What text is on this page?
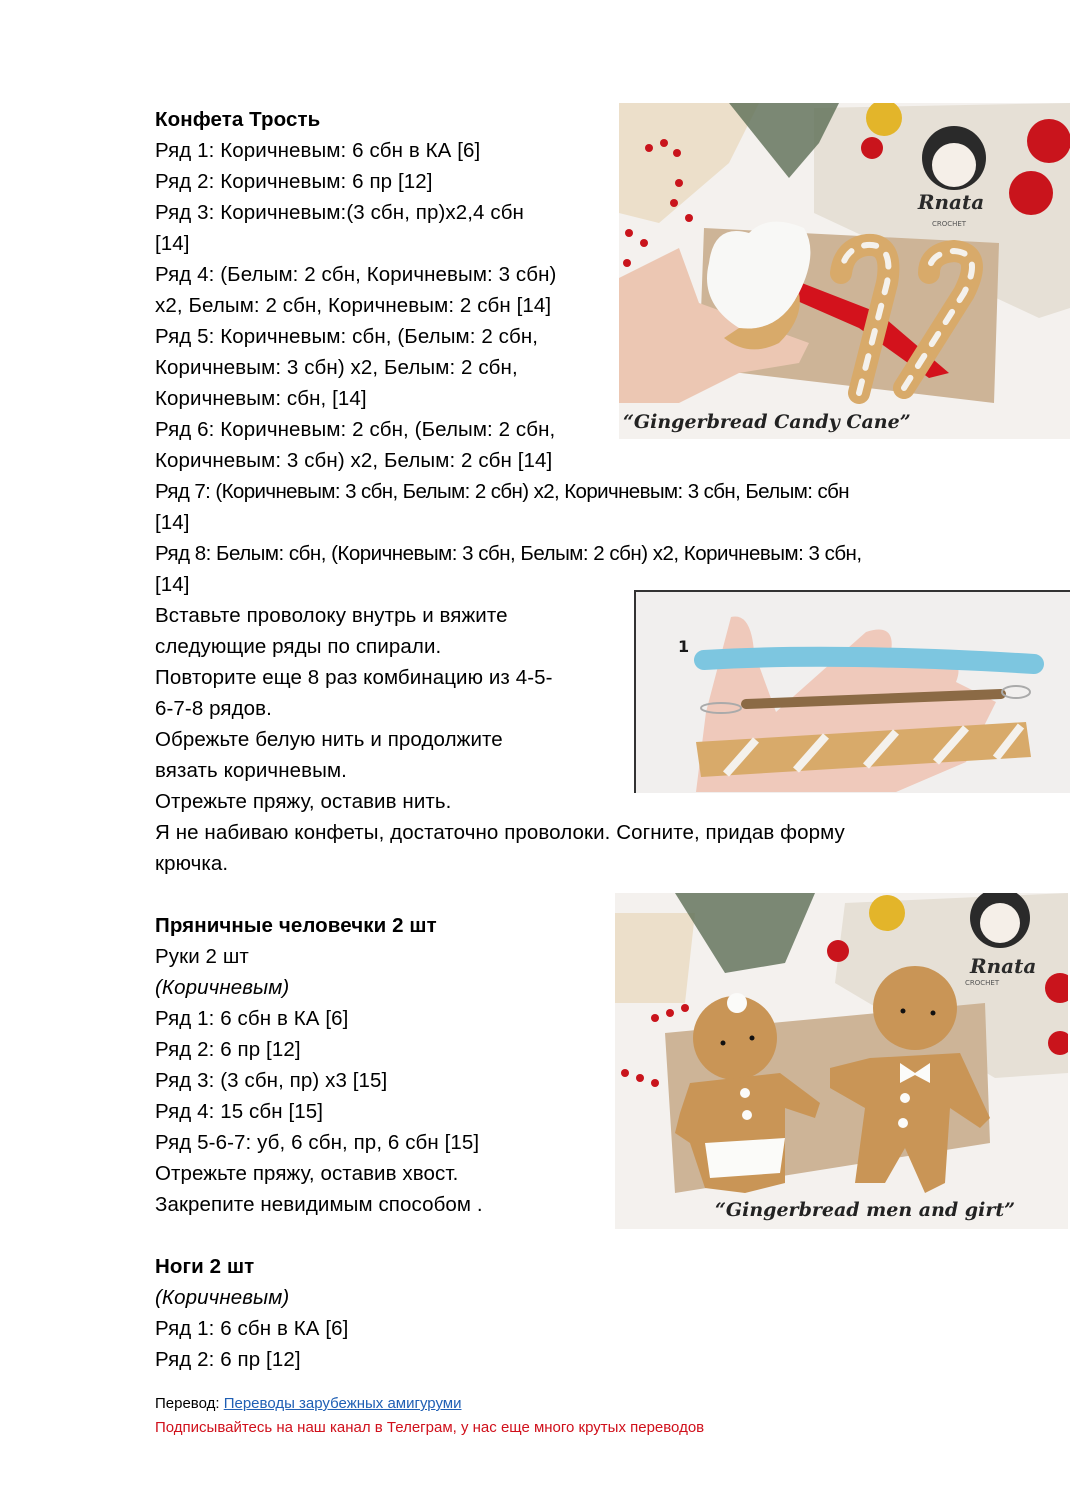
Конфета Трость
Ряд 1: Коричневым: 6 сбн в КА [6]
Ряд 2: Коричневым: 6 пр [12]
Ряд 3: Коричневым:(3 сбн, пр)x2,4 сбн
[14]
Ряд 4: (Белым: 2 сбн, Коричневым: 3 сбн)
x2, Белым: 2 сбн, Коричневым: 2 сбн [14]
Ряд 5: Коричневым: сбн, (Белым: 2 сбн,
Коричневым: 3 сбн) x2, Белым: 2 сбн,
Коричневым: сбн, [14]
Ряд 6: Коричневым: 2 сбн, (Белым: 2 сбн,
Коричневым: 3 сбн) x2, Белым: 2 сбн [14]
Ряд 7: (Коричневым: 3 сбн, Белым: 2 сбн) x2, Коричневым: 3 сбн, Белым: сбн
[14]
Ряд 8: Белым: сбн, (Коричневым: 3 сбн, Белым: 2 сбн) x2, Коричневым: 3 сбн,
[14]
Вставьте проволоку внутрь и вяжите
следующие ряды по спирали.
Повторите еще 8 раз комбинацию из 4-5-
6-7-8 рядов.
Обрежьте белую нить и продолжите
вязать коричневым.
Отрежьте пряжу, оставив нить.
Я не набиваю конфеты, достаточно проволоки. Согните, придав форму
крючка.
Пряничные человечки 2 шт
Руки 2 шт
(Коричневым)
Ряд 1: 6 сбн в КА [6]
Ряд 2: 6 пр [12]
Ряд 3: (3 сбн, пр) x3 [15]
Ряд 4: 15 сбн [15]
Ряд 5-6-7: уб, 6 сбн, пр, 6 сбн [15]
Отрежьте пряжу, оставив хвост.
Закрепите невидимым способом .
Ноги 2 шт
(Коричневым)
Ряд 1: 6 сбн в КА [6]
Ряд 2: 6 пр [12]
Перевод: Переводы зарубежных амигуруми
Подписывайтесь на наш канал в Телеграм, у нас еще много крутых переводов
Rnata
CROCHET
“Gingerbread Candy Cane”
1
Rnata
CROCHET
“Gingerbread men and girt”
